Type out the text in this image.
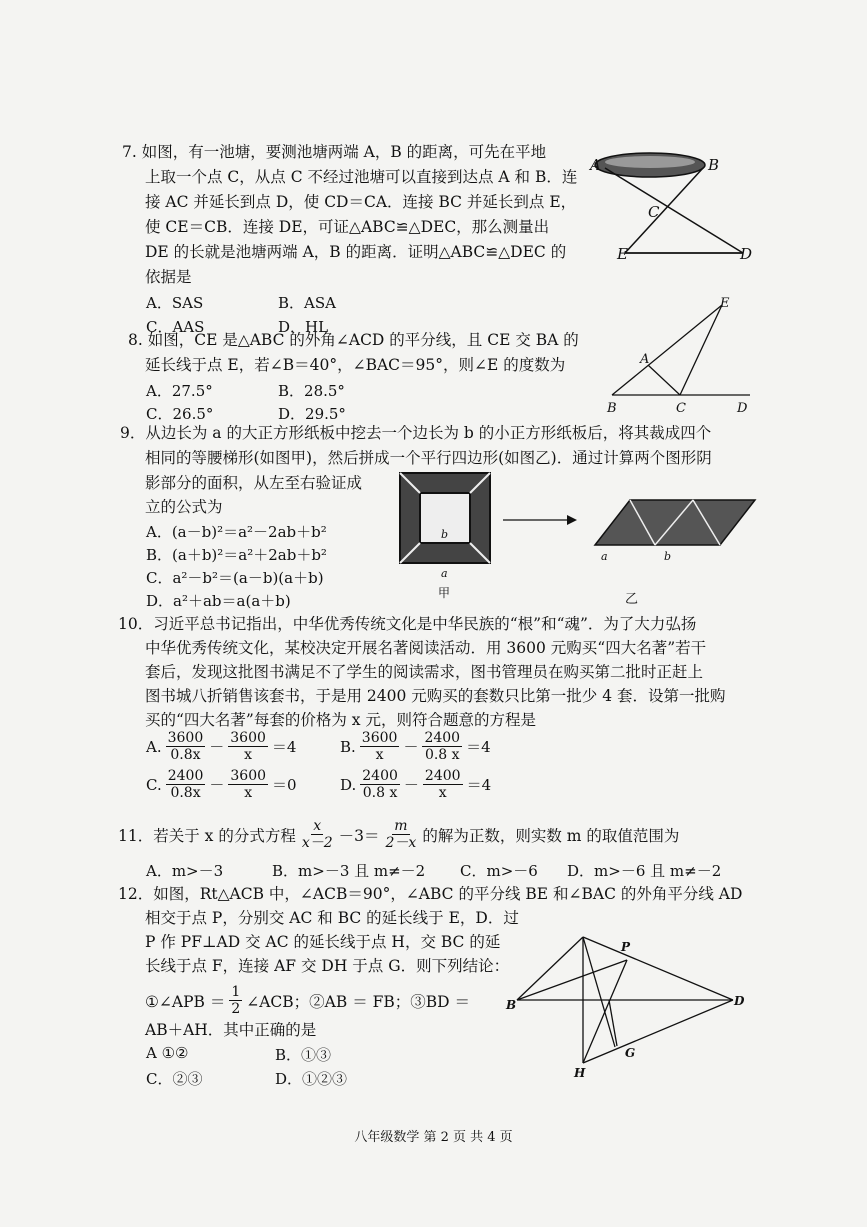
7. 如图，有一池塘，要测池塘两端 A，B 的距离，可先在平地
上取一个点 C，从点 C 不经过池塘可以直接到达点 A 和 B．连
接 AC 并延长到点 D，使 CD＝CA．连接 BC 并延长到点 E，
使 CE＝CB．连接 DE，可证△ABC≌△DEC，那么测量出
DE 的长就是池塘两端 A，B 的距离．证明△ABC≌△DEC 的
依据是
A．SAS	B．ASA
C．AAS	D．HL
A	B
C
E	D
8. 如图，CE 是△ABC 的外角∠ACD 的平分线，且 CE 交 BA 的
延长线于点 E，若∠B＝40°，∠BAC＝95°，则∠E 的度数为
A．27.5°	B．28.5°
C．26.5°	D．29.5°
E
A
B	C	D
9．从边长为 a 的大正方形纸板中挖去一个边长为 b 的小正方形纸板后，将其裁成四个
相同的等腰梯形(如图甲)，然后拼成一个平行四边形(如图乙)．通过计算两个图形阴
影部分的面积，从左至右验证成
立的公式为
A．(a－b)²＝a²－2ab＋b²
B．(a＋b)²＝a²＋2ab＋b²
C．a²－b²＝(a－b)(a＋b)
D．a²＋ab＝a(a＋b)
b
a
甲
a	b
乙
10．习近平总书记指出，中华优秀传统文化是中华民族的“根”和“魂”．为了大力弘扬
中华优秀传统文化，某校决定开展名著阅读活动．用 3600 元购买“四大名著”若干
套后，发现这批图书满足不了学生的阅读需求，图书管理员在购买第二批时正赶上
图书城八折销售该套书，于是用 2400 元购买的套数只比第一批少 4 套．设第一批购
买的“四大名著”每套的价格为 x 元，则符合题意的方程是
A. $\frac{3600}{0.8x} - \frac{3600}{x} =4$	B. $\frac{3600}{x} - \frac{2400}{0.8 x} =4$
C. $\frac{2400}{0.8x} - \frac{3600}{x} =0$	D. $\frac{2400}{0.8 x} - \frac{2400}{x} =4$
11．若关于 x 的分式方程 $\frac{x}{x-2} -3= \frac{m}{2-x}$ 的解为正数，则实数 m 的取值范围为
A．m>－3	B．m>－3 且 m≠－2 C．m>－6 D．m>－6 且 m≠－2
12．如图，Rt△ACB 中，∠ACB＝90°，∠ABC 的平分线 BE 和∠BAC 的外角平分线 AD
相交于点 P，分别交 AC 和 BC 的延长线于 E，D．过
P 作 PF⊥AD 交 AC 的延长线于点 H，交 BC 的延
长线于点 F，连接 AF 交 DH 于点 G．则下列结论：
①∠APB ＝ $\frac{1}{2}$ ∠ACB；②AB ＝ FB；③BD ＝
AB＋AH．其中正确的是
A ①②	B．①③
C．②③	D．①②③
P
B	D
G
H
八年级数学 第 2 页 共 4 页
